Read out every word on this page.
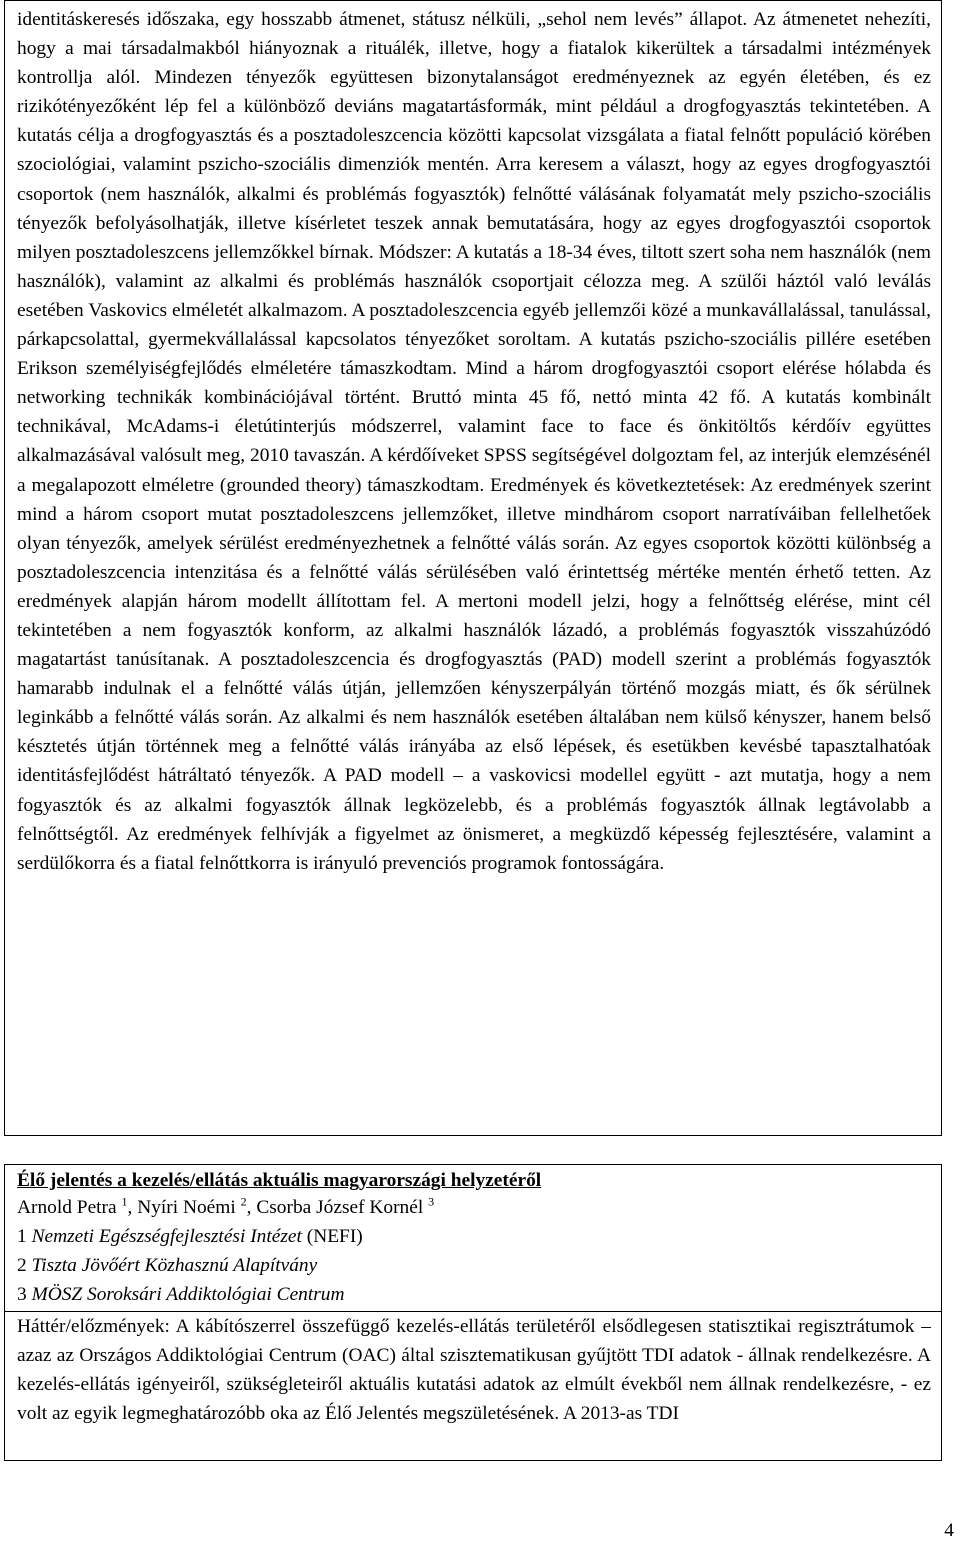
identitáskeresés időszaka, egy hosszabb átmenet, státusz nélküli, „sehol nem levés” állapot. Az átmenetet nehezíti, hogy a mai társadalmakból hiányoznak a rituálék, illetve, hogy a fiatalok kikerültek a társadalmi intézmények kontrollja alól. Mindezen tényezők együttesen bizonytalanságot eredményeznek az egyén életében, és ez rizikótényezőként lép fel a különböző deviáns magatartásformák, mint például a drogfogyasztás tekintetében. A kutatás célja a drogfogyasztás és a posztadoleszcencia közötti kapcsolat vizsgálata a fiatal felnőtt populáció körében szociológiai, valamint pszicho-szociális dimenziók mentén. Arra keresem a választ, hogy az egyes drogfogyasztói csoportok (nem használók, alkalmi és problémás fogyasztók) felnőtté válásának folyamatát mely pszicho-szociális tényezők befolyásolhatják, illetve kísérletet teszek annak bemutatására, hogy az egyes drogfogyasztói csoportok milyen posztadoleszcens jellemzőkkel bírnak. Módszer: A kutatás a 18-34 éves, tiltott szert soha nem használók (nem használók), valamint az alkalmi és problémás használók csoportjait célozza meg. A szülői háztól való leválás esetében Vaskovics elméletét alkalmazom. A posztadoleszcencia egyéb jellemzői közé a munkavállalással, tanulással, párkapcsolattal, gyermekvállalással kapcsolatos tényezőket soroltam. A kutatás pszicho-szociális pillére esetében Erikson személyiségfejlődés elméletére támaszkodtam. Mind a három drogfogyasztói csoport elérése hólabda és networking technikák kombinációjával történt. Bruttó minta 45 fő, nettó minta 42 fő. A kutatás kombinált technikával, McAdams-i életútinterjús módszerrel, valamint face to face és önkitöltős kérdőív együttes alkalmazásával valósult meg, 2010 tavaszán. A kérdőíveket SPSS segítségével dolgoztam fel, az interjúk elemzésénél a megalapozott elméletre (grounded theory) támaszkodtam. Eredmények és következtetések: Az eredmények szerint mind a három csoport mutat posztadoleszcens jellemzőket, illetve mindhárom csoport narratíváiban fellelhetőek olyan tényezők, amelyek sérülést eredményezhetnek a felnőtté válás során. Az egyes csoportok közötti különbség a posztadoleszcencia intenzitása és a felnőtté válás sérülésében való érintettség mértéke mentén érhető tetten. Az eredmények alapján három modellt állítottam fel. A mertoni modell jelzi, hogy a felnőttség elérése, mint cél tekintetében a nem fogyasztók konform, az alkalmi használók lázadó, a problémás fogyasztók visszahúzódó magatartást tanúsítanak. A posztadoleszcencia és drogfogyasztás (PAD) modell szerint a problémás fogyasztók hamarabb indulnak el a felnőtté válás útján, jellemzően kényszerpályán történő mozgás miatt, és ők sérülnek leginkább a felnőtté válás során. Az alkalmi és nem használók esetében általában nem külső kényszer, hanem belső késztetés útján történnek meg a felnőtté válás irányába az első lépések, és esetükben kevésbé tapasztalhatóak identitásfejlődést hátráltató tényezők. A PAD modell – a vaskovicsi modellel együtt - azt mutatja, hogy a nem fogyasztók és az alkalmi fogyasztók állnak legközelebb, és a problémás fogyasztók állnak legtávolabb a felnőttségtől. Az eredmények felhívják a figyelmet az önismeret, a megküzdő képesség fejlesztésére, valamint a serdülőkorra és a fiatal felnőttkorra is irányuló prevenciós programok fontosságára.

Élő jelentés a kezelés/ellátás aktuális magyarországi helyzetéről

Arnold Petra $^1$, Nyíri Noémi $^2$, Csorba József Kornél $^3$

1 Nemzeti Egészségfejlesztési Intézet (NEFI)

2 Tiszta Jövőért Közhasznú Alapítvány

3 MÖSZ Soroksári Addiktológiai Centrum

Háttér/előzmények: A kábítószerrel összefüggő kezelés-ellátás területéről elsődlegesen statisztikai regisztrátumok – azaz az Országos Addiktológiai Centrum (OAC) által szisztematikusan gyűjtött TDI adatok - állnak rendelkezésre. A kezelés-ellátás igényeiről, szükségleteiről aktuális kutatási adatok az elmúlt évekből nem állnak rendelkezésre, - ez volt az egyik legmeghatározóbb oka az Élő Jelentés megszületésének. A 2013-as TDI

4
